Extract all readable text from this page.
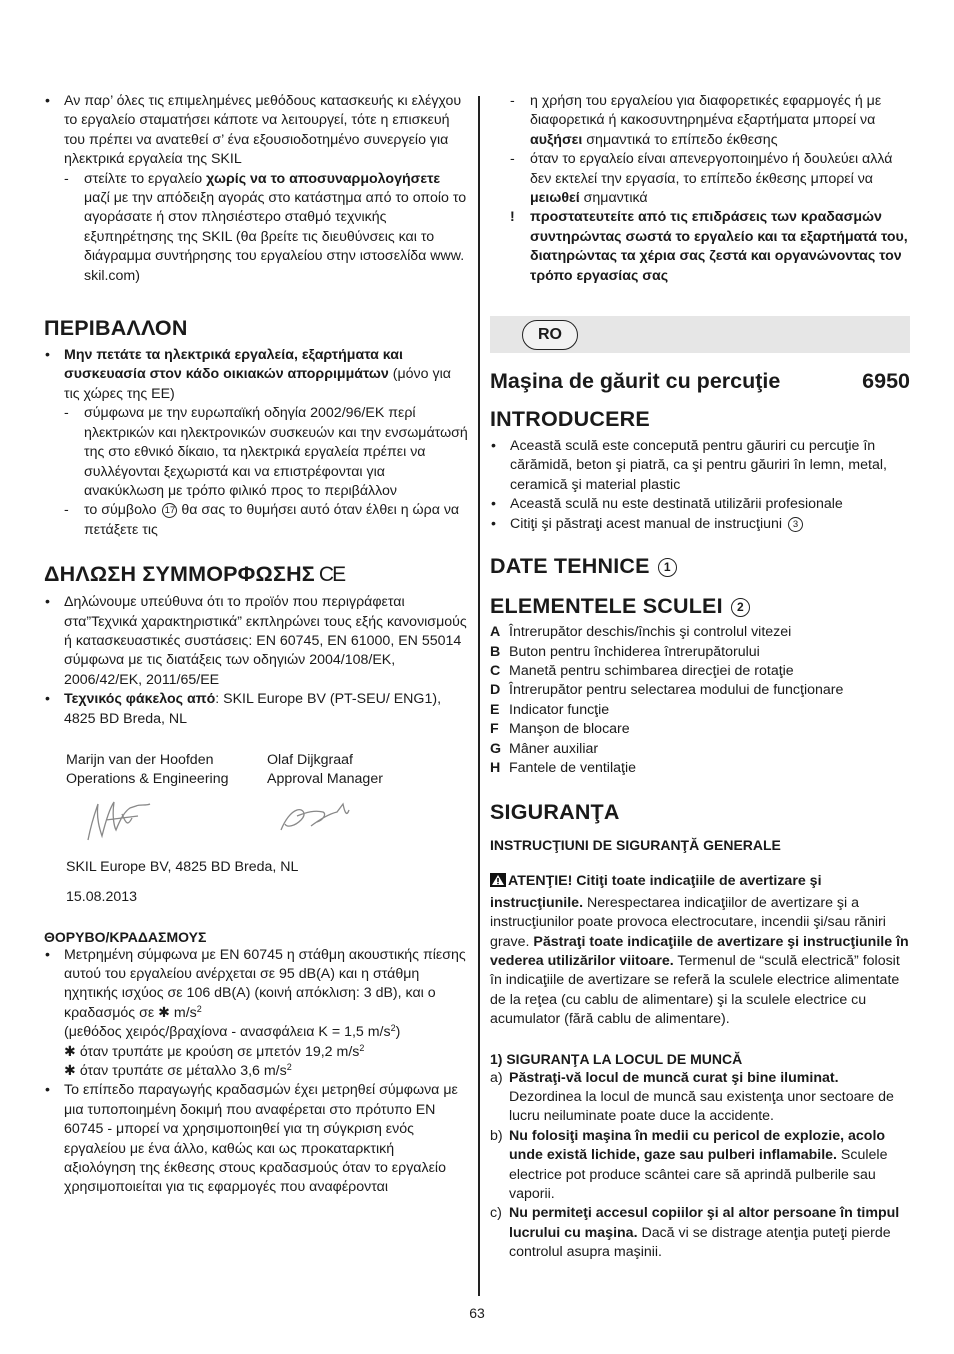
• Αν παρ’ όλες τις επιμελημένες μεθόδους κατασκευής κι ελέγχου το εργαλείο σταματήσει κάποτε να λειτουργεί, τότε η επισκευή του πρέπει να ανατεθεί σ’ ένα εξουσιοδοτημένο συνεργείο για ηλεκτρικά εργαλεία της SKIL

- στείλτε το εργαλείο χωρίς να το αποσυναρμολογήσετε μαζί με την απόδειξη αγοράς στο κατάστημα από το οποίο το αγοράσατε ή στον πλησιέστερο σταθμό τεχνικής εξυπηρέτησης της SKIL (θα βρείτε τις διευθύνσεις και το διάγραμμα συντήρησης του εργαλείου στην ιστοσελίδα www. skil.com)

ΠΕΡΙΒΑΛΛΟΝ

• Μην πετάτε τα ηλεκτρικά εργαλεία, εξαρτήματα και συσκευασία στον κάδο οικιακών απορριμμάτων (μόνο για τις χώρες της ΕΕ)

- σύμφωνα με την ευρωπαϊκή οδηγία 2002/96/ΕΚ περί ηλεκτρικών και ηλεκτρονικών συσκευών και την ενσωμάτωσή της στο εθνικό δίκαιο, τα ηλεκτρικά εργαλεία πρέπει να συλλέγονται ξεχωριστά και να επιστρέφονται για ανακύκλωση με τρόπο φιλικό προς το περιβάλλον

- το σύμβολο 17 θα σας το θυμήσει αυτό όταν έλθει η ώρα να πετάξετε τις

ΔΗΛΩΣΗ ΣΥΜΜΟΡΦΩΣΗΣ CE

• Δηλώνουμε υπεύθυνα ότι το προϊόν που περιγράφεται στα”Τεχνικά χαρακτηριστικά” εκπληρώνει τους εξής κανονισμούς ή κατασκευαστικές συστάσεις: EN 60745, EN 61000, EN 55014 σύμφωνα με τις διατάξεις των οδηγιών 2004/108/EK, 2006/42/EK, 2011/65/EE

• Τεχνικός φάκελος από: SKIL Europe BV (PT-SEU/ ENG1), 4825 BD Breda, NL

Marijn van der Hoofden

Operations & Engineering

Olaf Dijkgraaf

Approval Manager

SKIL Europe BV, 4825 BD Breda, NL

15.08.2013

ΘΟΡΥΒΟ/ΚΡΑΔΑΣΜΟΥΣ

• Μετρημένη σύμφωνα με EN 60745 η στάθμη ακουστικής πίεσης αυτού του εργαλείου ανέρχεται σε 95 dB(A) και η στάθμη ηχητικής ισχύος σε 106 dB(A) (κοινή απόκλιση: 3 dB), και ο κραδασμός σε ✱ $m/s^2$
(μεθόδος χειρός/βραχίονα - ανασφάλεια K = 1,5 $m/s^2$)
✱ όταν τρυπάτε με κρούση σε μπετόν 19,2 $m/s^2$
✱ όταν τρυπάτε σε μέταλλο 3,6 $m/s^2$

• Το επίπεδο παραγωγής κραδασμών έχει μετρηθεί σύμφωνα με μια τυποποιημένη δοκιμή που αναφέρεται στο πρότυπο EN 60745 - μπορεί να χρησιμοποιηθεί για τη σύγκριση ενός εργαλείου με ένα άλλο, καθώς και ως προκαταρκτική αξιολόγηση της έκθεσης στους κραδασμούς όταν το εργαλείο χρησιμοποιείται για τις εφαρμογές που αναφέρονται

- η χρήση του εργαλείου για διαφορετικές εφαρμογές ή με διαφορετικά ή κακοσυντηρημένα εξαρτήματα μπορεί να αυξήσει σημαντικά το επίπεδο έκθεσης

- όταν το εργαλείο είναι απενεργοποιημένο ή δουλεύει αλλά δεν εκτελεί την εργασία, το επίπεδο έκθεσης μπορεί να μειωθεί σημαντικά

! προστατευτείτε από τις επιδράσεις των κραδασμών συντηρώντας σωστά το εργαλείο και τα εξαρτήματά του, διατηρώντας τα χέρια σας ζεστά και οργανώνοντας τον τρόπο εργασίας σας

RO
Maşina de găurit cu percuţie	6950

INTRODUCERE

• Această sculă este concepută pentru găuriri cu percuţie în cărămidă, beton şi piatră, ca şi pentru găuriri în lemn, metal, ceramică şi material plastic

• Această sculă nu este destinată utilizării profesionale

• Citiţi şi păstraţi acest manual de instrucţiuni 3

DATE TEHNICE 1

ELEMENTELE SCULEI 2

A Întrerupător deschis/închis şi controlul vitezei
B Buton pentru închiderea întrerupătorului
C Manetă pentru schimbarea direcţiei de rotaţie
D Întrerupător pentru selectarea modului de funcţionare
E Indicator funcţie
F Manşon de blocare
G Mâner auxiliar
H Fantele de ventilaţie

SIGURANŢA

INSTRUCŢIUNI DE SIGURANŢĂ GENERALE

ATENŢIE! Citiţi toate indicaţiile de avertizare şi instrucţiunile. Nerespectarea indicaţiilor de avertizare şi a instrucţiunilor poate provoca electrocutare, incendii şi/sau răniri grave. Păstraţi toate indicaţiile de avertizare şi instrucţiunile în vederea utilizărilor viitoare. Termenul de “sculă electrică” folosit în indicaţiile de avertizare se referă la sculele electrice alimentate de la reţea (cu cablu de alimentare) şi la sculele electrice cu acumulator (fără cablu de alimentare).

1) SIGURANŢA LA LOCUL DE MUNCĂ

a) Păstraţi-vă locul de muncă curat şi bine iluminat. Dezordinea la locul de muncă sau existenţa unor sectoare de lucru neiluminate poate duce la accidente.
b) Nu folosiţi maşina în medii cu pericol de explozie, acolo unde există lichide, gaze sau pulberi inflamabile. Sculele electrice pot produce scântei care să aprindă pulberile sau vaporii.
c) Nu permiteţi accesul copiilor şi al altor persoane în timpul lucrului cu maşina. Dacă vi se distrage atenţia puteţi pierde controlul asupra maşinii.
63
